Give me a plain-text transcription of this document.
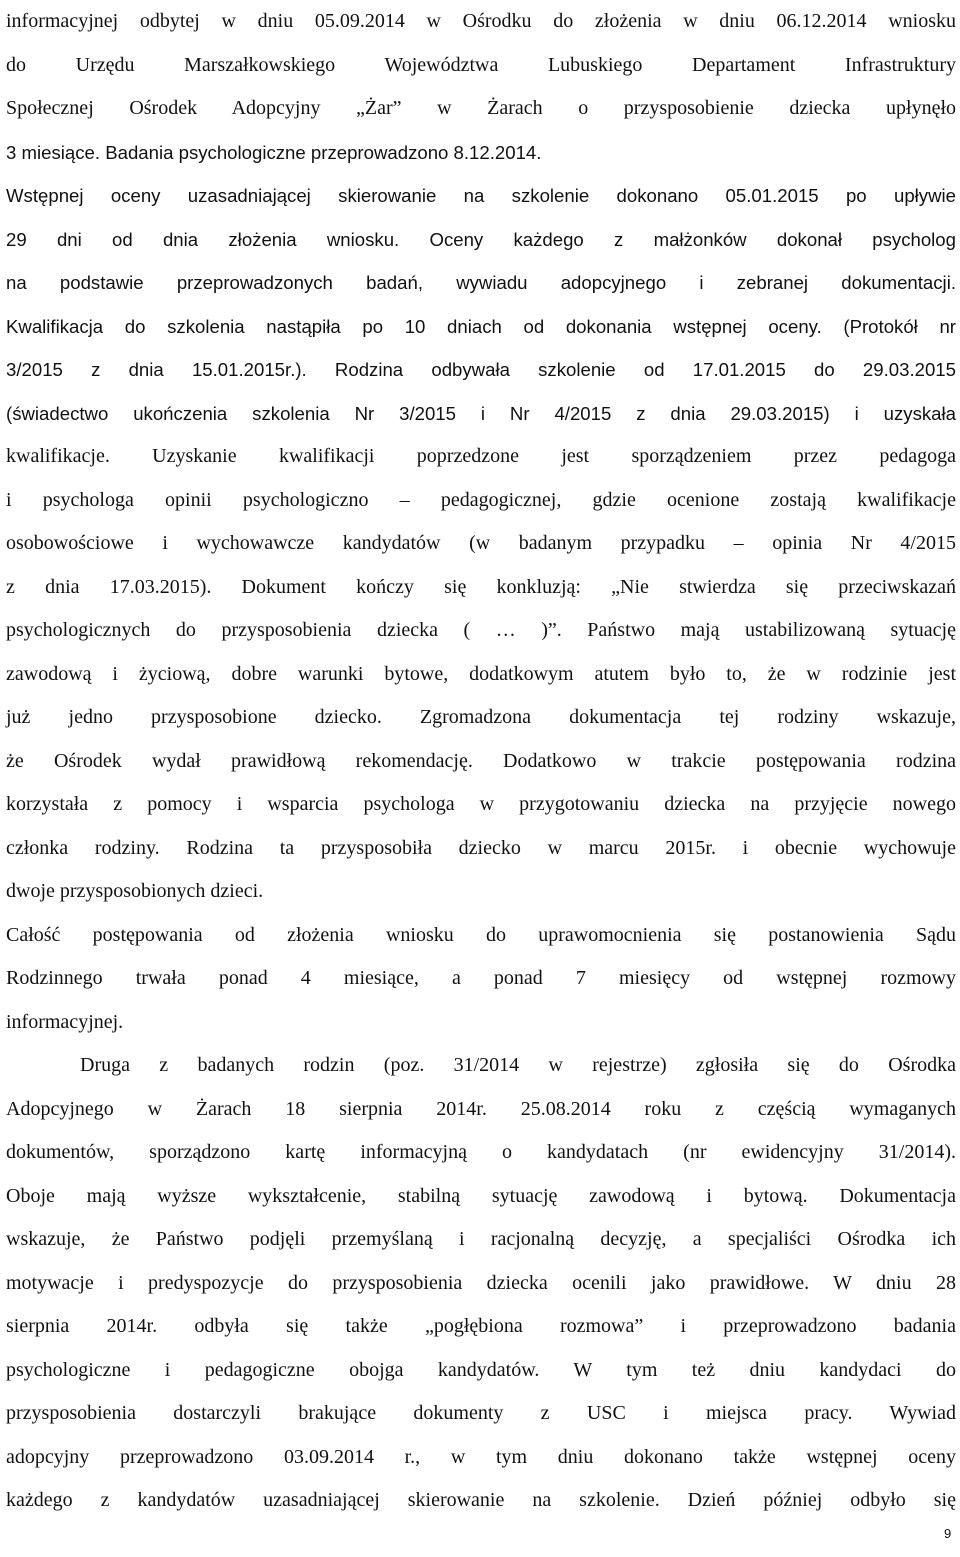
informacyjnej odbytej w dniu 05.09.2014 w Ośrodku do złożenia w dniu 06.12.2014 wniosku
do Urzędu Marszałkowskiego Województwa Lubuskiego Departament Infrastruktury
Społecznej Ośrodek Adopcyjny „Żar” w Żarach o przysposobienie dziecka upłynęło
3 miesiące. Badania psychologiczne przeprowadzono 8.12.2014.
Wstępnej oceny uzasadniającej skierowanie na szkolenie dokonano 05.01.2015 po upływie
29 dni od dnia złożenia wniosku. Oceny każdego z małżonków dokonał psycholog
na podstawie przeprowadzonych badań, wywiadu adopcyjnego i zebranej dokumentacji.
Kwalifikacja do szkolenia nastąpiła po 10 dniach od dokonania wstępnej oceny. (Protokół nr
3/2015 z dnia 15.01.2015r.). Rodzina odbywała szkolenie od 17.01.2015 do 29.03.2015
(świadectwo ukończenia szkolenia Nr 3/2015 i Nr 4/2015 z dnia 29.03.2015) i uzyskała
kwalifikacje. Uzyskanie kwalifikacji poprzedzone jest sporządzeniem przez pedagoga
i psychologa opinii psychologiczno – pedagogicznej, gdzie ocenione zostają kwalifikacje
osobowościowe i wychowawcze kandydatów (w badanym przypadku – opinia Nr 4/2015
z dnia 17.03.2015). Dokument kończy się konkluzją: „Nie stwierdza się przeciwskazań
psychologicznych do przysposobienia dziecka ( … )”. Państwo mają ustabilizowaną sytuację
zawodową i życiową, dobre warunki bytowe, dodatkowym atutem było to, że w rodzinie jest
już jedno przysposobione dziecko. Zgromadzona dokumentacja tej rodziny wskazuje,
że Ośrodek wydał prawidłową rekomendację. Dodatkowo w trakcie postępowania rodzina
korzystała z pomocy i wsparcia psychologa w przygotowaniu dziecka na przyjęcie nowego
członka rodziny. Rodzina ta przysposobiła dziecko w marcu 2015r. i obecnie wychowuje
dwoje przysposobionych dzieci.
Całość postępowania od złożenia wniosku do uprawomocnienia się postanowienia Sądu
Rodzinnego trwała ponad 4 miesiące, a ponad 7 miesięcy od wstępnej rozmowy
informacyjnej.
Druga z badanych rodzin (poz. 31/2014 w rejestrze) zgłosiła się do Ośrodka
Adopcyjnego w Żarach 18 sierpnia 2014r. 25.08.2014 roku z częścią wymaganych
dokumentów, sporządzono kartę informacyjną o kandydatach (nr ewidencyjny 31/2014).
Oboje mają wyższe wykształcenie, stabilną sytuację zawodową i bytową. Dokumentacja
wskazuje, że Państwo podjęli przemyślaną i racjonalną decyzję, a specjaliści Ośrodka ich
motywacje i predyspozycje do przysposobienia dziecka ocenili jako prawidłowe. W dniu 28
sierpnia 2014r. odbyła się także „pogłębiona rozmowa” i przeprowadzono badania
psychologiczne i pedagogiczne obojga kandydatów. W tym też dniu kandydaci do
przysposobienia dostarczyli brakujące dokumenty z USC i miejsca pracy. Wywiad
adopcyjny przeprowadzono 03.09.2014 r., w tym dniu dokonano także wstępnej oceny
każdego z kandydatów uzasadniającej skierowanie na szkolenie. Dzień później odbyło się
9
